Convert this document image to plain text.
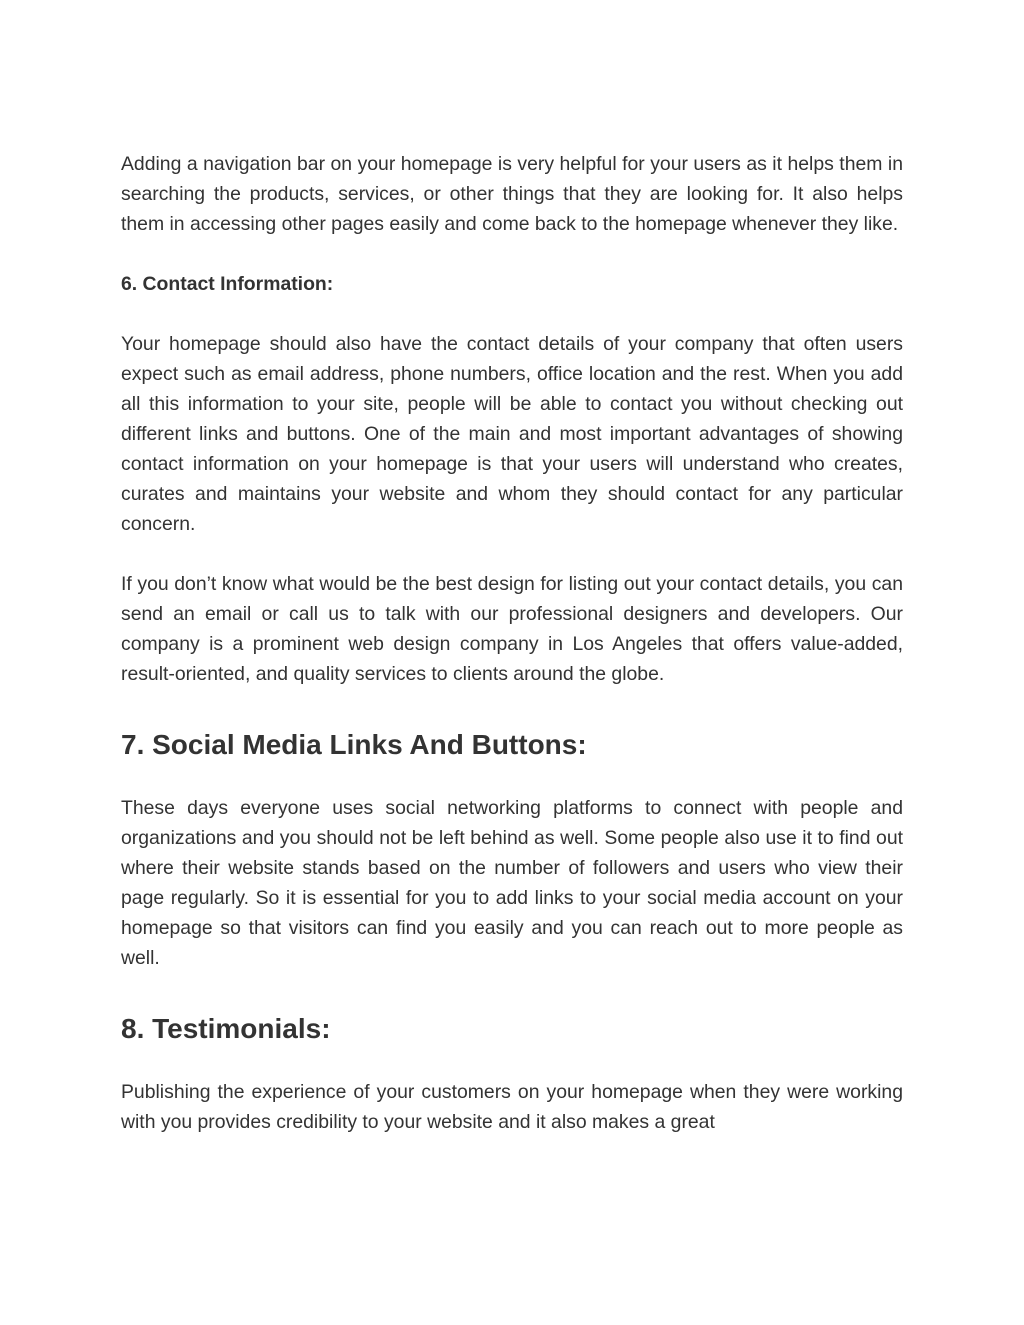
Adding a navigation bar on your homepage is very helpful for your users as it helps them in searching the products, services, or other things that they are looking for. It also helps them in accessing other pages easily and come back to the homepage whenever they like.

6. Contact Information:

Your homepage should also have the contact details of your company that often users expect such as email address, phone numbers, office location and the rest. When you add all this information to your site, people will be able to contact you without checking out different links and buttons. One of the main and most important advantages of showing contact information on your homepage is that your users will understand who creates, curates and maintains your website and whom they should contact for any particular concern.

If you don’t know what would be the best design for listing out your contact details, you can send an email or call us to talk with our professional designers and developers. Our company is a prominent web design company in Los Angeles that offers value-added, result-oriented, and quality services to clients around the globe.

7. Social Media Links And Buttons:

These days everyone uses social networking platforms to connect with people and organizations and you should not be left behind as well. Some people also use it to find out where their website stands based on the number of followers and users who view their page regularly. So it is essential for you to add links to your social media account on your homepage so that visitors can find you easily and you can reach out to more people as well.

8. Testimonials:

Publishing the experience of your customers on your homepage when they were working with you provides credibility to your website and it also makes a great
